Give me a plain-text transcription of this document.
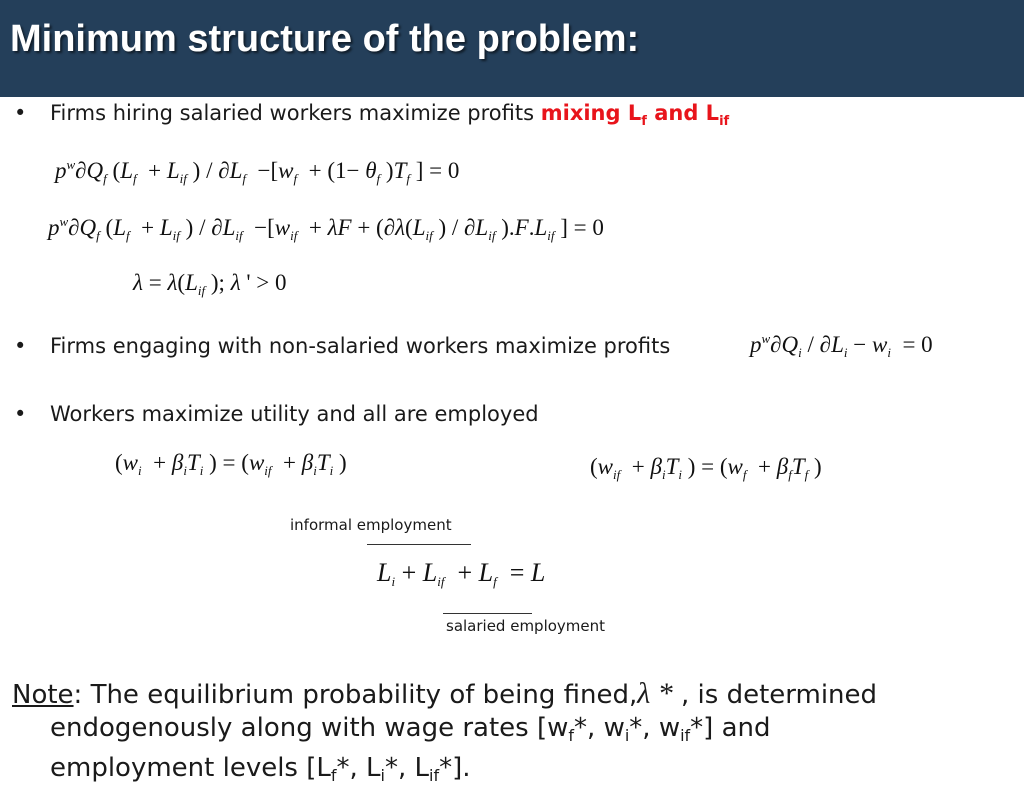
Minimum structure of the problem:
• Firms hiring salaried workers maximize profits mixing $L_f$ and $L_{if}$
$p^w\partial Q_f$ ($L_f + L_{if}$ ) / $\partial L_f -[w_f + (1- \theta_f$ )$T_f$ ] = 0
$p^w\partial Q_f$ ($L_f + L_{if}$ ) / $\partial L_{if} -[w_{if} + \lambda F + (\partial\lambda(L_{if}$ ) / $\partial L_{if}$ )$.F.L_{if}$ ] = 0
$\lambda = \lambda(L_{if}$ ); λ ' > 0
• Firms engaging with non-salaried workers maximize profits	$p^w\partial Q_i / \partial L_i - w_i = 0$
• Workers maximize utility and all are employed
($w_i + \beta_iT_i$ ) = ($w_{if} + \beta_iT_i$ )	($w_{if} + \beta_iT_i$ ) = ($w_f + \beta_fT_f$ )
informal employment
$L_i + L_{if} + L_f = L$
salaried employment
Note: The equilibrium probability of being fined,λ * , is determined
endogenously along with wage rates [$w_f*$, $w_i*$, $w_{if}*$] and
employment levels [$L_f*$, $L_i*$, $L_{if}*$].
